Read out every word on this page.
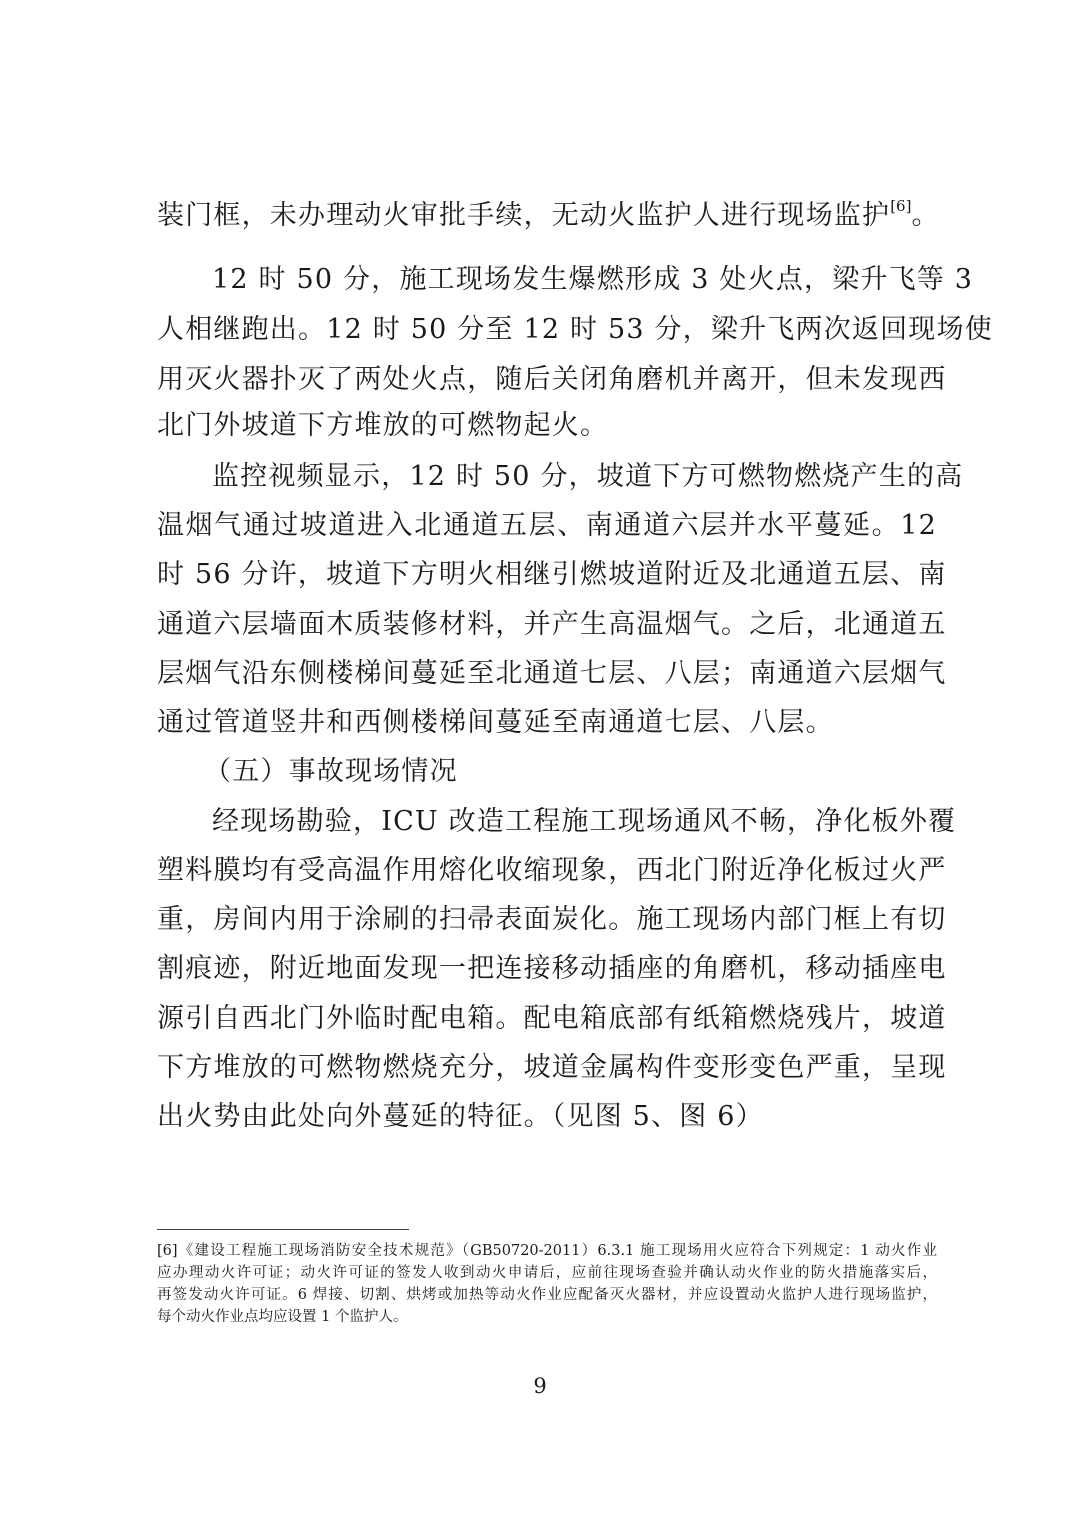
装门框，未办理动火审批手续，无动火监护人进行现场监护[6]。
12 时 50 分，施工现场发生爆燃形成 3 处火点，梁升飞等 3
人相继跑出。12 时 50 分至 12 时 53 分，梁升飞两次返回现场使
用灭火器扑灭了两处火点，随后关闭角磨机并离开，但未发现西
北门外坡道下方堆放的可燃物起火。
监控视频显示，12 时 50 分，坡道下方可燃物燃烧产生的高
温烟气通过坡道进入北通道五层、南通道六层并水平蔓延。12
时 56 分许，坡道下方明火相继引燃坡道附近及北通道五层、南
通道六层墙面木质装修材料，并产生高温烟气。之后，北通道五
层烟气沿东侧楼梯间蔓延至北通道七层、八层；南通道六层烟气
通过管道竖井和西侧楼梯间蔓延至南通道七层、八层。
（五）事故现场情况
经现场勘验，ICU 改造工程施工现场通风不畅，净化板外覆
塑料膜均有受高温作用熔化收缩现象，西北门附近净化板过火严
重，房间内用于涂刷的扫帚表面炭化。施工现场内部门框上有切
割痕迹，附近地面发现一把连接移动插座的角磨机，移动插座电
源引自西北门外临时配电箱。配电箱底部有纸箱燃烧残片，坡道
下方堆放的可燃物燃烧充分，坡道金属构件变形变色严重，呈现
出火势由此处向外蔓延的特征。（见图 5、图 6）
[6]《建设工程施工现场消防安全技术规范》（GB50720-2011）6.3.1 施工现场用火应符合下列规定：1 动火作业
应办理动火许可证；动火许可证的签发人收到动火申请后，应前往现场查验并确认动火作业的防火措施落实后，
再签发动火许可证。6 焊接、切割、烘烤或加热等动火作业应配备灭火器材，并应设置动火监护人进行现场监护，
每个动火作业点均应设置 1 个监护人。
9
